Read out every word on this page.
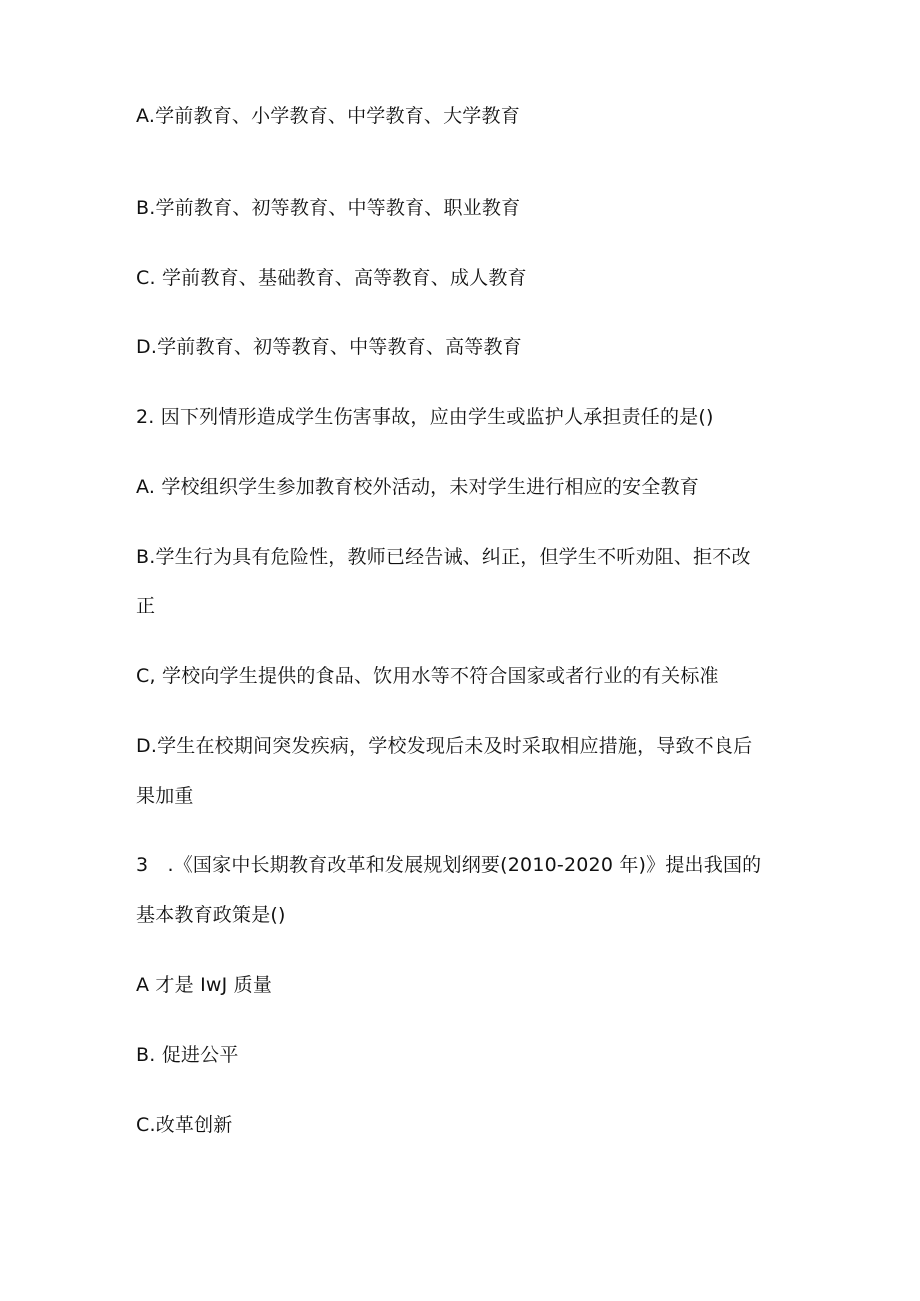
A.学前教育、小学教育、中学教育、大学教育
B.学前教育、初等教育、中等教育、职业教育
C. 学前教育、基础教育、高等教育、成人教育
D.学前教育、初等教育、中等教育、高等教育
2. 因下列情形造成学生伤害事故，应由学生或监护人承担责任的是()
A. 学校组织学生参加教育校外活动，未对学生进行相应的安全教育
B.学生行为具有危险性，教师已经告诫、纠正，但学生不听劝阻、拒不改
正
C, 学校向学生提供的食品、饮用水等不符合国家或者行业的有关标准
D.学生在校期间突发疾病，学校发现后未及时采取相应措施，导致不良后
果加重
3　.《国家中长期教育改革和发展规划纲要(2010-2020 年)》提出我国的
基本教育政策是()
A 才是 IwJ 质量
B. 促进公平
C.改革创新
